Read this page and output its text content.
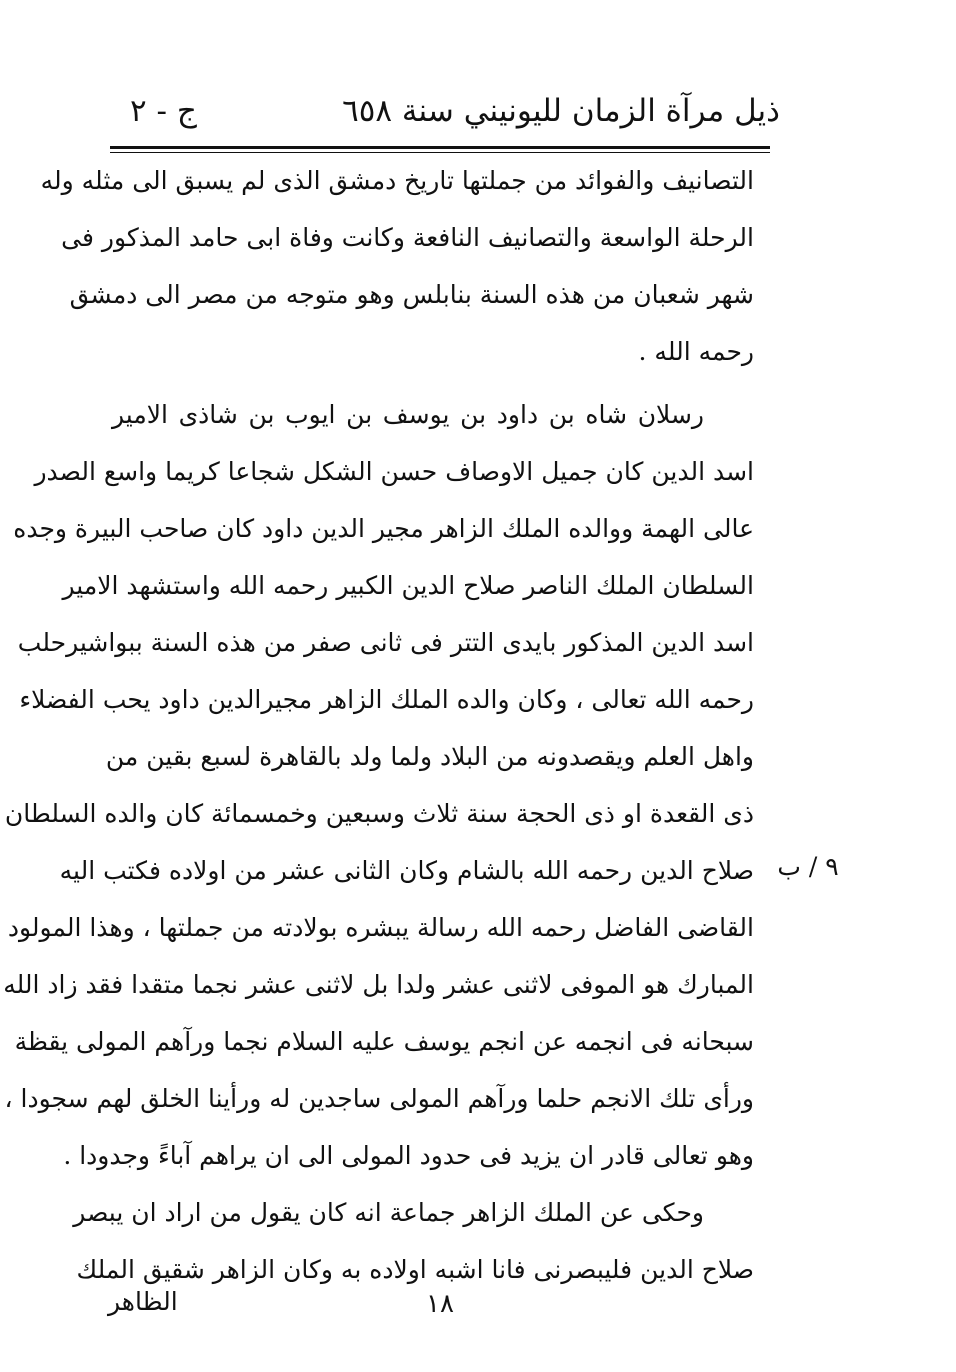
ذيل مرآة الزمان لليونيني سنة ٦٥٨
ج - ٢
التصانيف والفوائد من جملتها تاريخ دمشق الذى لم يسبق الى مثله وله
الرحلة الواسعة والتصانيف النافعة وكانت وفاة ابى حامد المذكور فى
شهر شعبان من هذه السنة بنابلس وهو متوجه من مصر الى دمشق
رحمه الله .
رسلان شاه بن داود بن يوسف بن ايوب بن شاذى الامير
اسد الدين كان جميل الاوصاف حسن الشكل شجاعا كريما واسع الصدر
عالى الهمة ووالده الملك الزاهر مجير الدين داود كان صاحب البيرة وجده
السلطان الملك الناصر صلاح الدين الكبير رحمه الله واستشهد الامير
اسد الدين المذكور بايدى التتر فى ثانى صفر من هذه السنة ببواشيرحلب
رحمه الله تعالى ، وكان والده الملك الزاهر مجيرالدين داود يحب الفضلاء
واهل العلم ويقصدونه من البلاد ولما ولد بالقاهرة لسبع بقين من
ذى القعدة او ذى الحجة سنة ثلاث وسبعين وخمسمائة كان والده السلطان
صلاح الدين رحمه الله بالشام وكان الثانى عشر من اولاده فكتب اليه
القاضى الفاضل رحمه الله رسالة يبشره بولادته من جملتها ، وهذا المولود
المبارك هو الموفى لاثنى عشر ولدا بل لاثنى عشر نجما متقدا فقد زاد الله
سبحانه فى انجمه عن انجم يوسف عليه السلام نجما ورآهم المولى يقظة
ورأى تلك الانجم حلما ورآهم المولى ساجدين له ورأينا الخلق لهم سجودا ،
وهو تعالى قادر ان يزيد فى حدود المولى الى ان يراهم آباءً وجدودا .
وحكى عن الملك الزاهر جماعة انه كان يقول من اراد ان يبصر
صلاح الدين فليبصرنى فانا اشبه اولاده به وكان الزاهر شقيق الملك
٩ / ب
الظاهر	١٨
